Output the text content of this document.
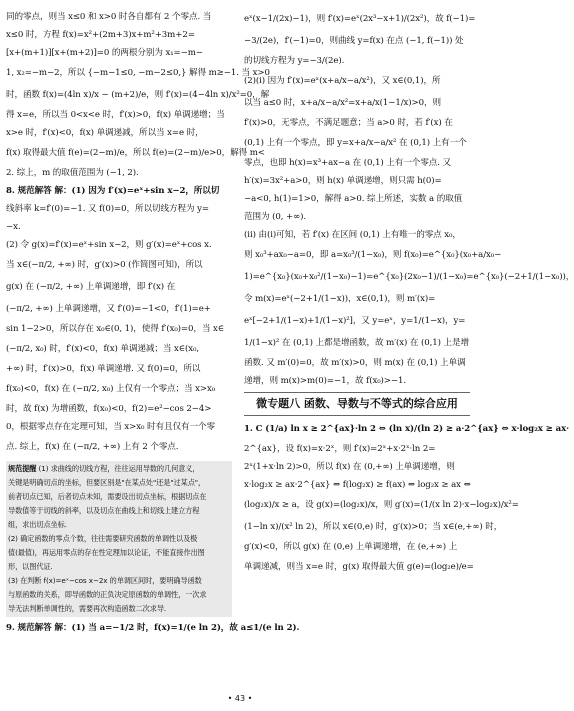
同的零点，则当 x≤0 和 x>0 时各自都有 2 个零点. 当
x≤0 时，方程 f(x)=x²+(2m+3)x+m²+3m+2=
[x+(m+1)][x+(m+2)]=0 的两根分别为 x₁=−m−
1, x₂=−m−2，所以 {−m−1≤0, −m−2≤0,} 解得 m≥−1. 当 x>0
时，函数 f(x)=(4ln x)/x − (m+2)/e，则 f′(x)=(4−4ln x)/x²=0，解
得 x=e，所以当 0<x<e 时，f′(x)>0，f(x) 单调递增；当
x>e 时，f′(x)<0，f(x) 单调递减，所以当 x=e 时，
f(x) 取得最大值 f(e)=(2−m)/e，所以 f(e)=(2−m)/e>0，解得 m<
2. 综上，m 的取值范围为 (−1, 2).
8. 规范解答 解：(1) 因为 f′(x)=eˣ+sin x−2，所以切
线斜率 k=f′(0)=−1. 又 f(0)=0，所以切线方程为 y=
−x.
(2) 令 g(x)=f′(x)=eˣ+sin x−2，则 g′(x)=eˣ+cos x.
当 x∈(−π/2, +∞) 时，g′(x)>0 (作简图可知)，所以
g(x) 在 (−π/2, +∞) 上单调递增，即 f′(x) 在
(−π/2, +∞) 上单调递增，又 f′(0)=−1<0，f′(1)=e+
sin 1−2>0，所以存在 x₀∈(0, 1)，使得 f′(x₀)=0，当 x∈
(−π/2, x₀) 时，f′(x)<0，f(x) 单调递减；当 x∈(x₀,
+∞) 时，f′(x)>0，f(x) 单调递增. 又 f(0)=0，所以
f(x₀)<0，f(x) 在 (−π/2, x₀) 上仅有一个零点；当 x>x₀
时，故 f(x) 为增函数，f(x₀)<0，f(2)=e²−cos 2−4>
0，根据零点存在定理可知，当 x>x₀ 时有且仅有一个零
点. 综上，f(x) 在 (−π/2, +∞) 上有 2 个零点.
规范提醒 (1) 求曲线的切线方程，往往运用导数的几何意义，
关键是明确切点的坐标，但要区别是"在某点处"还是"过某点"，
前者切点已知，后者切点未知，需要设出切点坐标，根据切点在
导数值等于切线的斜率，以及切点在曲线上和切线上建立方程
组，求出切点坐标.
(2) 确定函数的零点个数，往往需要研究函数的单调性以及极
值(最值)，再运用零点的存在性定理加以论证，不能直接作出图
形，以图代证.
(3) 在判断 f(x)=eˣ−cos x−2x 的单调区间时，要明确导函数
与原函数的关系，即导函数的正负决定原函数的单调性，一次求
导无法判断单调性的，需要再次构造函数二次求导.
9. 规范解答 解：(1) 当 a=−1/2 时，f(x)=1/(e ln 2)，故 a≤1/(e ln 2).
eˣ(x−1/(2x)−1)，则 f′(x)=eˣ(2x³−x+1)/(2x²)，故 f(−1)=
−3/(2e)，f′(−1)=0，则曲线 y=f(x) 在点 (−1, f(−1)) 处
的切线方程为 y=−3/(2e).
(2)(ⅰ) 因为 f′(x)=eˣ(x+a/x−a/x²)，又 x∈(0,1)，所
以当 a≤0 时，x+a/x−a/x²=x+a/x(1−1/x)>0，则
f′(x)>0，无零点，不满足题意；当 a>0 时，若 f′(x) 在
(0,1) 上有一个零点，即 y=x+a/x−a/x² 在 (0,1) 上有一个
零点，也即 h(x)=x³+ax−a 在 (0,1) 上有一个零点. 又
h′(x)=3x²+a>0，则 h(x) 单调递增，则只需 h(0)=
−a<0, h(1)=1>0，解得 a>0. 综上所述，实数 a 的取值
范围为 (0, +∞).
(ⅱ) 由(ⅰ)可知，若 f′(x) 在区间 (0,1) 上有唯一的零点 x₀，
则 x₀³+ax₀−a=0，即 a=x₀³/(1−x₀)，则 f(x₀)=e^{x₀}(x₀+a/x₀−
1)=e^{x₀}(x₀+x₀²/(1−x₀)−1)=e^{x₀}(2x₀−1)/(1−x₀)=e^{x₀}(−2+1/(1−x₀))，
令 m(x)=eˣ(−2+1/(1−x))，x∈(0,1)，则 m′(x)=
eˣ[−2+1/(1−x)+1/(1−x)²]，又 y=eˣ，y=1/(1−x)，y=
1/(1−x)² 在 (0,1) 上都是增函数，故 m′(x) 在 (0,1) 上是增
函数. 又 m′(0)=0，故 m′(x)>0，则 m(x) 在 (0,1) 上单调
递增，则 m(x)>m(0)=−1，故 f(x₀)>−1.
微专题八 函数、导数与不等式的综合应用
1. C (1/a) ln x ≥ 2^{ax}·ln 2 ⇔ (ln x)/(ln 2) ≥ a·2^{ax} ⇔ x·log₂x ≥ ax·
2^{ax}，设 f(x)=x·2ˣ，则 f′(x)=2ˣ+x·2ˣ·ln 2=
2ˣ(1+x·ln 2)>0，所以 f(x) 在 (0,+∞) 上单调递增，则
x·log₂x ≥ ax·2^{ax} ⇔ f(log₂x) ≥ f(ax) ⇔ log₂x ≥ ax ⇔
(log₂x)/x ≥ a，设 g(x)=(log₂x)/x，则 g′(x)=(1/(x ln 2)·x−log₂x)/x²=
(1−ln x)/(x² ln 2)，所以 x∈(0,e) 时，g′(x)>0；当 x∈(e,+∞) 时，
g′(x)<0，所以 g(x) 在 (0,e) 上单调递增，在 (e,+∞) 上
单调递减，则当 x=e 时，g(x) 取得最大值 g(e)=(log₂e)/e=
• 43 •
